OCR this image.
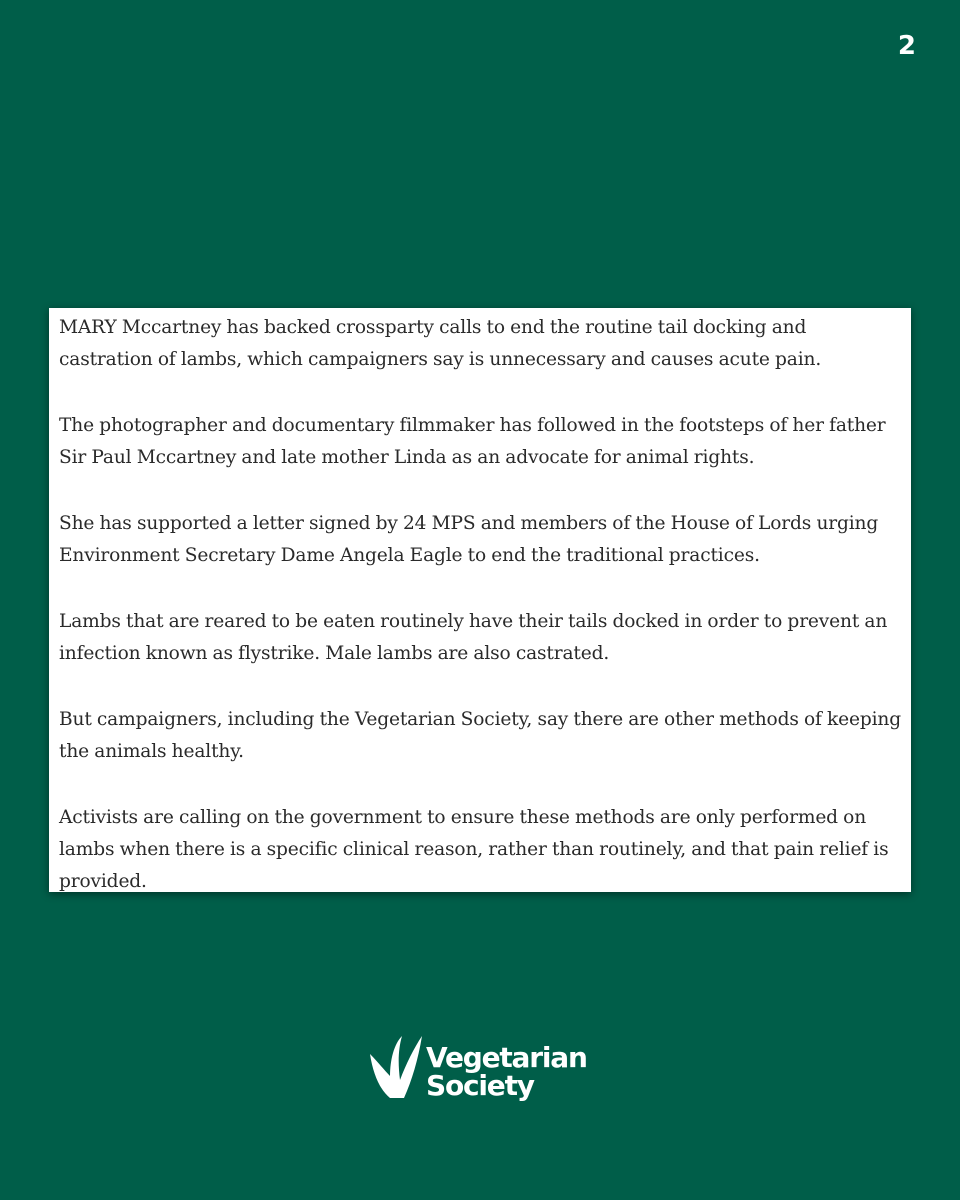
2

MARY Mccartney has backed crossparty calls to end the routine tail docking and castration of lambs, which campaigners say is unnecessary and causes acute pain.

The photographer and documentary filmmaker has followed in the footsteps of her father Sir Paul Mccartney and late mother Linda as an advocate for animal rights.

She has supported a letter signed by 24 MPS and members of the House of Lords urging Environment Secretary Dame Angela Eagle to end the traditional practices.

Lambs that are reared to be eaten routinely have their tails docked in order to prevent an infection known as flystrike. Male lambs are also castrated.

But campaigners, including the Vegetarian Society, say there are other methods of keeping the animals healthy.

Activists are calling on the government to ensure these methods are only performed on lambs when there is a specific clinical reason, rather than routinely, and that pain relief is provided.

Vegetarian
Society
